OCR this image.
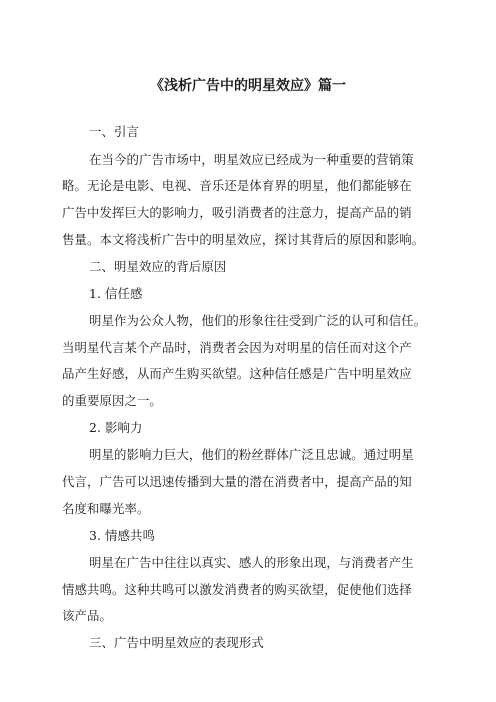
《浅析广告中的明星效应》篇一
一、引言
在当今的广告市场中，明星效应已经成为一种重要的营销策
略。无论是电影、电视、音乐还是体育界的明星，他们都能够在
广告中发挥巨大的影响力，吸引消费者的注意力，提高产品的销
售量。本文将浅析广告中的明星效应，探讨其背后的原因和影响。
二、明星效应的背后原因
1. 信任感
明星作为公众人物，他们的形象往往受到广泛的认可和信任。
当明星代言某个产品时，消费者会因为对明星的信任而对这个产
品产生好感，从而产生购买欲望。这种信任感是广告中明星效应
的重要原因之一。
2. 影响力
明星的影响力巨大，他们的粉丝群体广泛且忠诚。通过明星
代言，广告可以迅速传播到大量的潜在消费者中，提高产品的知
名度和曝光率。
3. 情感共鸣
明星在广告中往往以真实、感人的形象出现，与消费者产生
情感共鸣。这种共鸣可以激发消费者的购买欲望，促使他们选择
该产品。
三、广告中明星效应的表现形式
